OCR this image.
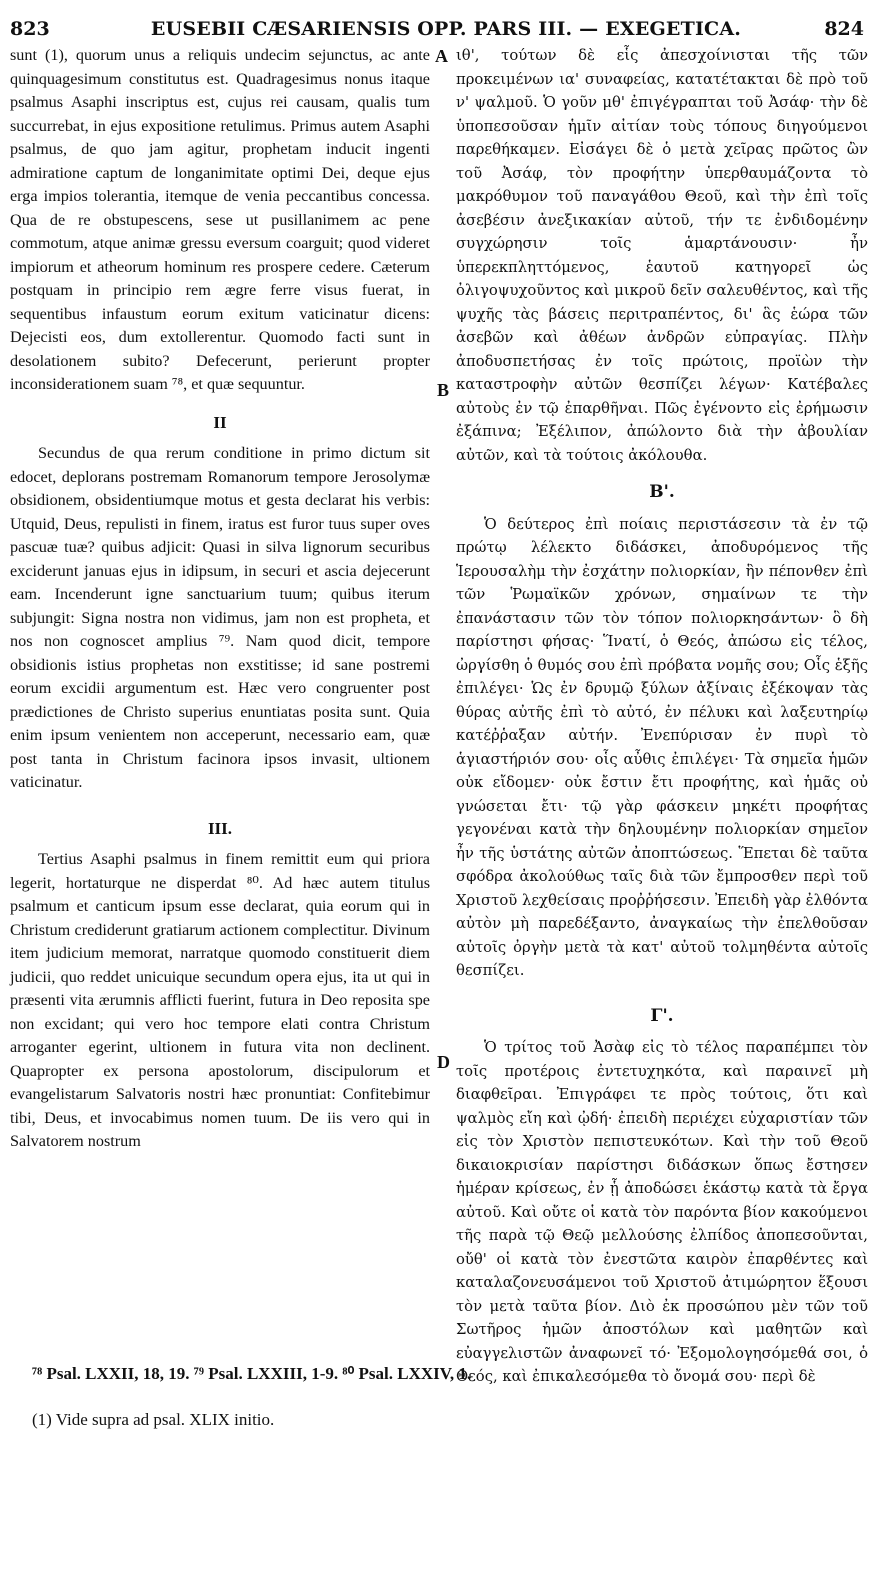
823	EUSEBII CÆSARIENSIS OPP. PARS III. — EXEGETICA.	824

sunt (1), quorum unus a reliquis undecim sejunctus, ac ante quinquagesimum constitutus est. Quadragesimus nonus itaque psalmus Asaphi inscriptus est, cujus rei causam, qualis tum succurrebat, in ejus expositione retulimus. Primus autem Asaphi psalmus, de quo jam agitur, prophetam inducit ingenti admiratione captum de longanimitate optimi Dei, deque ejus erga impios tolerantia, itemque de venia peccantibus concessa. Qua de re obstupescens, sese ut pusillanimem ac pene commotum, atque animæ gressu eversum coarguit; quod videret impiorum et atheorum hominum res prospere cedere. Cæterum postquam in principio rem ægre ferre visus fuerat, in sequentibus infaustum eorum exitum vaticinatur dicens: Dejecisti eos, dum extollerentur. Quomodo facti sunt in desolationem subito? Defecerunt, perierunt propter inconsiderationem suam ⁷⁸, et quæ sequuntur.

II

Secundus de qua rerum conditione in primo dictum sit edocet, deplorans postremam Romanorum tempore Jerosolymæ obsidionem, obsidentiumque motus et gesta declarat his verbis: Utquid, Deus, repulisti in finem, iratus est furor tuus super oves pascuæ tuæ? quibus adjicit: Quasi in silva lignorum securibus exciderunt januas ejus in idipsum, in securi et ascia dejecerunt eam. Incenderunt igne sanctuarium tuum; quibus iterum subjungit: Signa nostra non vidimus, jam non est propheta, et nos non cognoscet amplius ⁷⁹. Nam quod dicit, tempore obsidionis istius prophetas non exstitisse; id sane postremi eorum excidii argumentum est. Hæc vero congruenter post prædictiones de Christo superius enuntiatas posita sunt. Quia enim ipsum venientem non acceperunt, necessario eam, quæ post tanta in Christum facinora ipsos invasit, ultionem vaticinatur.

III.

Tertius Asaphi psalmus in finem remittit eum qui priora legerit, hortaturque ne disperdat ⁸⁰. Ad hæc autem titulus psalmum et canticum ipsum esse declarat, quia eorum qui in Christum crediderunt gratiarum actionem complectitur. Divinum item judicium memorat, narratque quomodo constituerit diem judicii, quo reddet unicuique secundum opera ejus, ita ut qui in præsenti vita ærumnis afflicti fuerint, futura in Deo reposita spe non excidant; qui vero hoc tempore elati contra Christum arroganter egerint, ultionem in futura vita non declinent. Quapropter ex persona apostolorum, discipulorum et evangelistarum Salvatoris nostri hæc pronuntiat: Confitebimur tibi, Deus, et invocabimus nomen tuum. De iis vero qui in Salvatorem nostrum

ιθ', τούτων δὲ εἷς ἀπεσχοίνισται τῆς τῶν προκειμένων ια' συναφείας, κατατέτακται δὲ πρὸ τοῦ ν' ψαλμοῦ. Ὁ γοῦν μθ' ἐπιγέγραπται τοῦ Ἀσάφ· τὴν δὲ ὑποπεσοῦσαν ἡμῖν αἰτίαν τοὺς τόπους διηγούμενοι παρεθήκαμεν. Εἰσάγει δὲ ὁ μετὰ χεῖρας πρῶτος ὢν τοῦ Ἀσάφ, τὸν προφήτην ὑπερθαυμάζοντα τὸ μακρόθυμον τοῦ παναγάθου Θεοῦ, καὶ τὴν ἐπὶ τοῖς ἀσεβέσιν ἀνεξικακίαν αὐτοῦ, τήν τε ἐνδιδομένην συγχώρησιν τοῖς ἁμαρτάνουσιν· ἦν ὑπερεκπληττόμενος, ἑαυτοῦ κατηγορεῖ ὡς ὀλιγοψυχοῦντος καὶ μικροῦ δεῖν σαλευθέντος, καὶ τῆς ψυχῆς τὰς βάσεις περιτραπέντος, δι' ἃς ἑώρα τῶν ἀσεβῶν καὶ ἀθέων ἀνδρῶν εὐπραγίας. Πλὴν ἀποδυσπετήσας ἐν τοῖς πρώτοις, προϊὼν τὴν καταστροφὴν αὐτῶν θεσπίζει λέγων· Κατέβαλες αὐτοὺς ἐν τῷ ἐπαρθῆναι. Πῶς ἐγένοντο εἰς ἐρήμωσιν ἐξάπινα; Ἐξέλιπον, ἀπώλοντο διὰ τὴν ἀβουλίαν αὐτῶν, καὶ τὰ τούτοις ἀκόλουθα.

Β'.

Ὁ δεύτερος ἐπὶ ποίαις περιστάσεσιν τὰ ἐν τῷ πρώτῳ λέλεκτο διδάσκει, ἀποδυρόμενος τῆς Ἱερουσαλὴμ τὴν ἐσχάτην πολιορκίαν, ἣν πέπονθεν ἐπὶ τῶν Ῥωμαϊκῶν χρόνων, σημαίνων τε τὴν ἐπανάστασιν τῶν τὸν τόπον πολιορκησάντων· ὃ δὴ παρίστησι φήσας· Ἵνατί, ὁ Θεός, ἀπώσω εἰς τέλος, ὠργίσθη ὁ θυμός σου ἐπὶ πρόβατα νομῆς σου; Οἷς ἑξῆς ἐπιλέγει· Ὡς ἐν δρυμῷ ξύλων ἀξίναις ἐξέκοψαν τὰς θύρας αὐτῆς ἐπὶ τὸ αὐτό, ἐν πέλυκι καὶ λαξευτηρίῳ κατέῤῥαξαν αὐτήν. Ἐνεπύρισαν ἐν πυρὶ τὸ ἁγιαστήριόν σου· οἷς αὖθις ἐπιλέγει· Τὰ σημεῖα ἡμῶν οὐκ εἴδομεν· οὐκ ἔστιν ἔτι προφήτης, καὶ ἡμᾶς οὐ γνώσεται ἔτι· τῷ γὰρ φάσκειν μηκέτι προφήτας γεγονέναι κατὰ τὴν δηλουμένην πολιορκίαν σημεῖον ἦν τῆς ὑστάτης αὐτῶν ἀποπτώσεως. Ἕπεται δὲ ταῦτα σφόδρα ἀκολούθως ταῖς διὰ τῶν ἔμπροσθεν περὶ τοῦ Χριστοῦ λεχθείσαις προῤῥήσεσιν. Ἐπειδὴ γὰρ ἐλθόντα αὐτὸν μὴ παρεδέξαντο, ἀναγκαίως τὴν ἐπελθοῦσαν αὐτοῖς ὀργὴν μετὰ τὰ κατ' αὐτοῦ τολμηθέντα αὐτοῖς θεσπίζει.

Γ'.

Ὁ τρίτος τοῦ Ἀσὰφ εἰς τὸ τέλος παραπέμπει τὸν τοῖς προτέροις ἐντετυχηκότα, καὶ παραινεῖ μὴ διαφθεῖραι. Ἐπιγράφει τε πρὸς τούτοις, ὅτι καὶ ψαλμὸς εἴη καὶ ᾠδή· ἐπειδὴ περιέχει εὐχαριστίαν τῶν εἰς τὸν Χριστὸν πεπιστευκότων. Καὶ τὴν τοῦ Θεοῦ δικαιοκρισίαν παρίστησι διδάσκων ὅπως ἔστησεν ἡμέραν κρίσεως, ἐν ᾗ ἀποδώσει ἑκάστῳ κατὰ τὰ ἔργα αὐτοῦ. Καὶ οὔτε οἱ κατὰ τὸν παρόντα βίον κακούμενοι τῆς παρὰ τῷ Θεῷ μελλούσης ἐλπίδος ἀποπεσοῦνται, οὔθ' οἱ κατὰ τὸν ἐνεστῶτα καιρὸν ἐπαρθέντες καὶ καταλαζονευσάμενοι τοῦ Χριστοῦ ἀτιμώρητον ἕξουσι τὸν μετὰ ταῦτα βίον. Διὸ ἐκ προσώπου μὲν τῶν τοῦ Σωτῆρος ἡμῶν ἀποστόλων καὶ μαθητῶν καὶ εὐαγγελιστῶν ἀναφωνεῖ τό· Ἐξομολογησόμεθά σοι, ὁ Θεός, καὶ ἐπικαλεσόμεθα τὸ ὄνομά σου· περὶ δὲ

A
B
D
⁷⁸ Psal. LXXII, 18, 19. ⁷⁹ Psal. LXXIII, 1-9. ⁸⁰ Psal. LXXIV, 1.
(1) Vide supra ad psal. XLIX initio.
